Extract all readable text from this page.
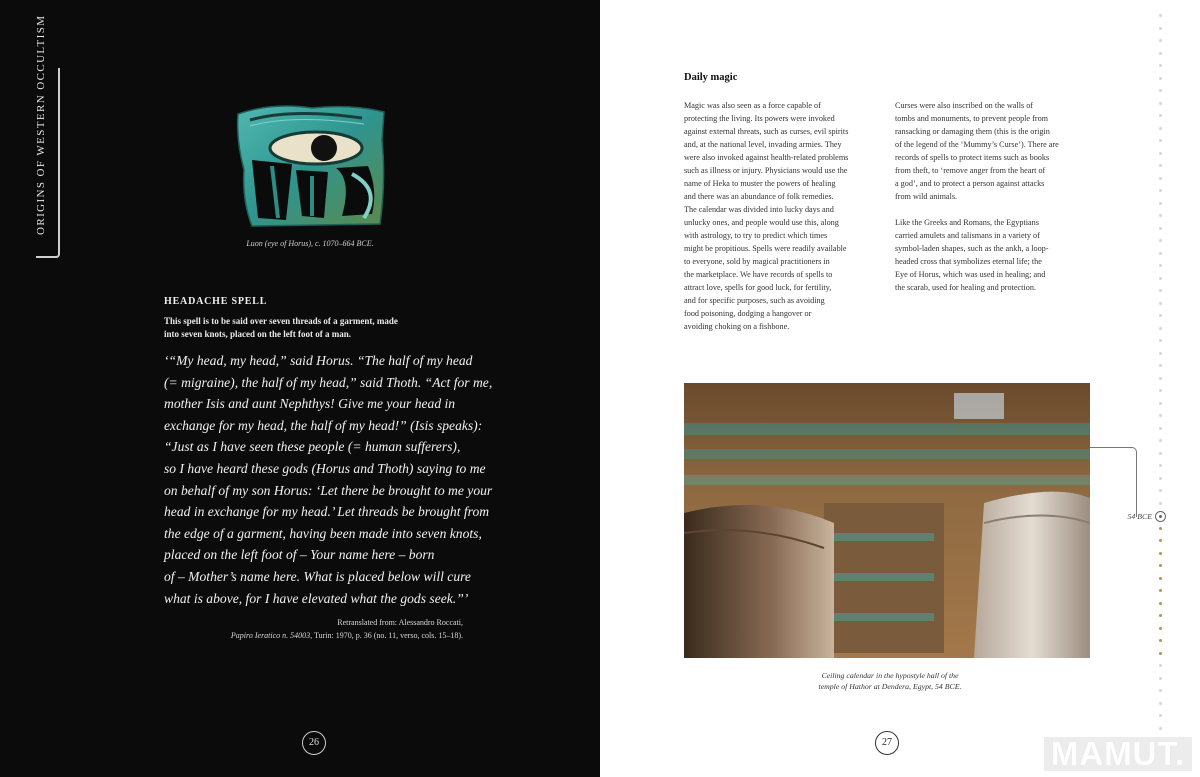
ORIGINS OF WESTERN OCCULTISM
Luon (eye of Horus), c. 1070–664 BCE.
HEADACHE SPELL
This spell is to be said over seven threads of a garment, made
into seven knots, placed on the left foot of a man.

‘“My head, my head,” said Horus. “The half of my head

(= migraine), the half of my head,” said Thoth. “Act for me,

mother Isis and aunt Nephthys! Give me your head in

exchange for my head, the half of my head!” (Isis speaks):

“Just as I have seen these people (= human sufferers),

so I have heard these gods (Horus and Thoth) saying to me

on behalf of my son Horus: ‘Let there be brought to me your

head in exchange for my head.’ Let threads be brought from

the edge of a garment, having been made into seven knots,

placed on the left foot of – Your name here – born

of – Mother’s name here. What is placed below will cure

what is above, for I have elevated what the gods seek.”’

Retranslated from: Alessandro Roccati,
Papiro Ieratico n. 54003, Turin: 1970, p. 36 (no. 11, verso, cols. 15–18).
26
Daily magic

Magic was also seen as a force capable of

protecting the living. Its powers were invoked

against external threats, such as curses, evil spirits

and, at the national level, invading armies. They

were also invoked against health-related problems

such as illness or injury. Physicians would use the

name of Heka to muster the powers of healing

and there was an abundance of folk remedies.

The calendar was divided into lucky days and

unlucky ones, and people would use this, along

with astrology, to try to predict which times

might be propitious. Spells were readily available

to everyone, sold by magical practitioners in

the marketplace. We have records of spells to

attract love, spells for good luck, for fertility,

and for specific purposes, such as avoiding

food poisoning, dodging a hangover or

avoiding choking on a fishbone.

Curses were also inscribed on the walls of

tombs and monuments, to prevent people from

ransacking or damaging them (this is the origin

of the legend of the ‘Mummy’s Curse’). There are

records of spells to protect items such as books

from theft, to ‘remove anger from the heart of

a god’, and to protect a person against attacks

from wild animals.

Like the Greeks and Romans, the Egyptians

carried amulets and talismans in a variety of

symbol-laden shapes, such as the ankh, a loop-

headed cross that symbolizes eternal life; the

Eye of Horus, which was used in healing; and

the scarab, used for healing and protection.

Ceiling calendar in the hypostyle hall of the
temple of Hathor at Dendera, Egypt, 54 BCE.
54 BCE
27	MAMUT.
